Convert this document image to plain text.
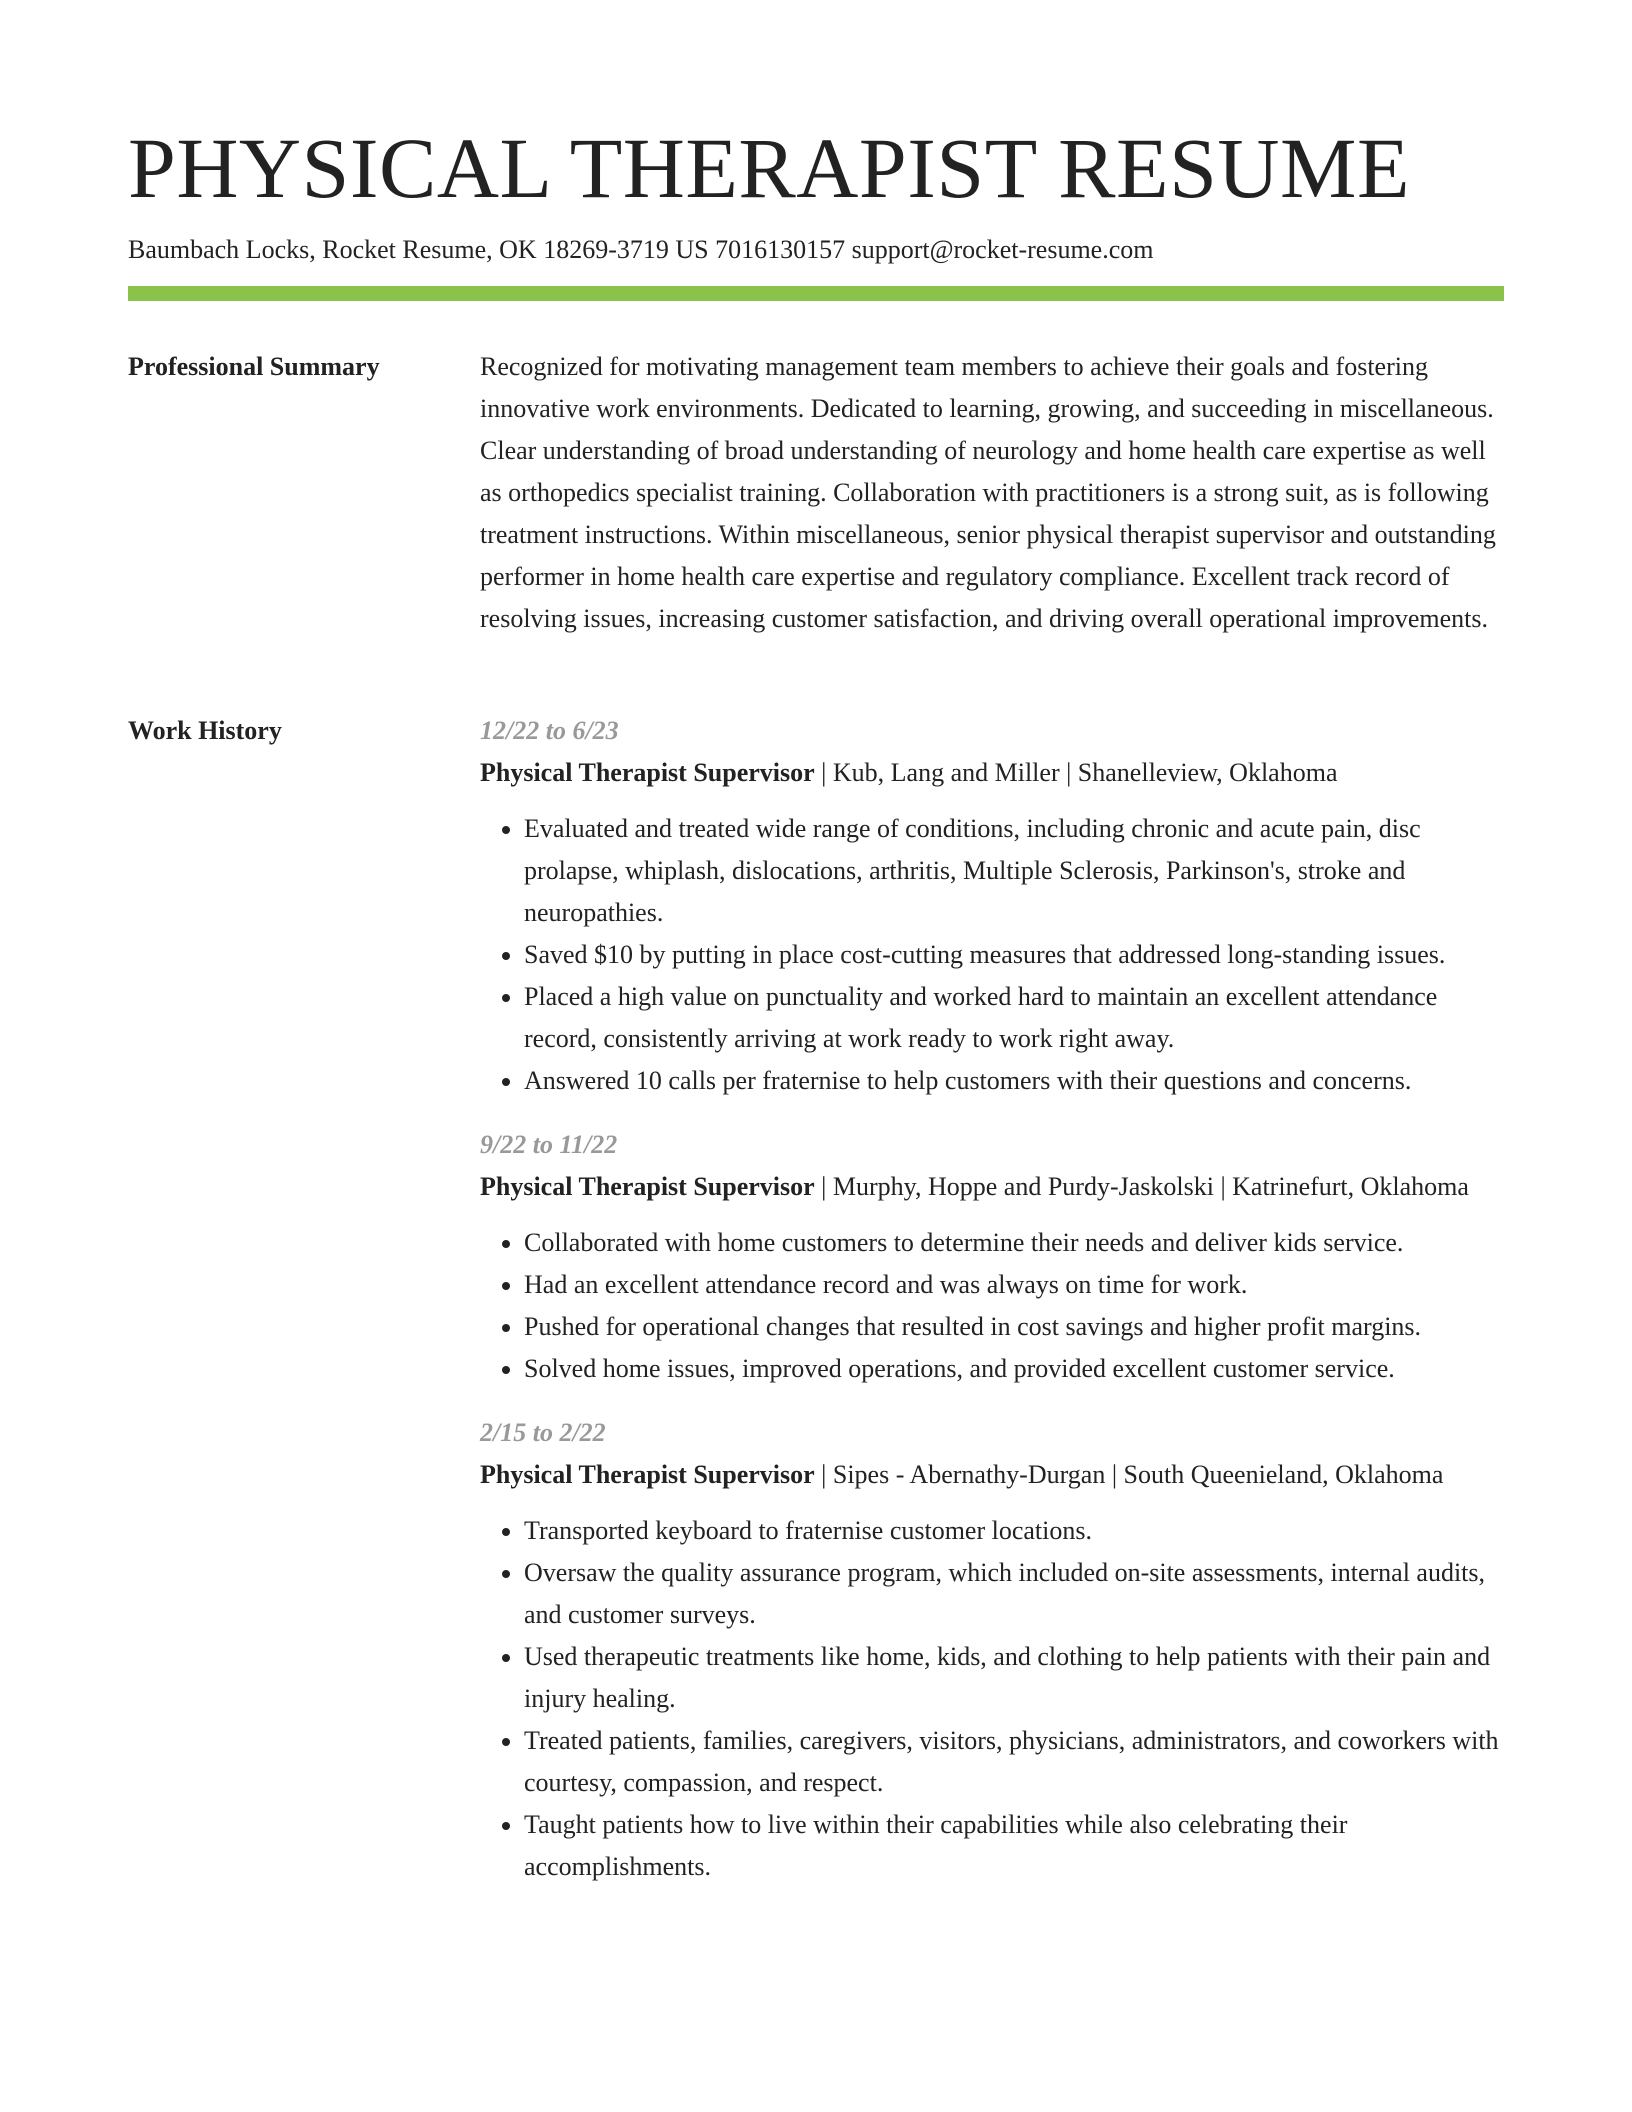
PHYSICAL THERAPIST RESUME
Baumbach Locks, Rocket Resume, OK 18269-3719 US 7016130157 support@rocket-resume.com
Professional Summary	Recognized for motivating management team members to achieve their goals and fostering innovative work environments. Dedicated to learning, growing, and succeeding in miscellaneous. Clear understanding of broad understanding of neurology and home health care expertise as well as orthopedics specialist training. Collaboration with practitioners is a strong suit, as is following treatment instructions. Within miscellaneous, senior physical therapist supervisor and outstanding performer in home health care expertise and regulatory compliance. Excellent track record of resolving issues, increasing customer satisfaction, and driving overall operational improvements.

Work History	12/22 to 6/23
Physical Therapist Supervisor | Kub, Lang and Miller | Shanelleview, Oklahoma
• Evaluated and treated wide range of conditions, including chronic and acute pain, disc prolapse, whiplash, dislocations, arthritis, Multiple Sclerosis, Parkinson's, stroke and neuropathies.
• Saved $10 by putting in place cost-cutting measures that addressed long-standing issues.
• Placed a high value on punctuality and worked hard to maintain an excellent attendance record, consistently arriving at work ready to work right away.
• Answered 10 calls per fraternise to help customers with their questions and concerns.
9/22 to 11/22
Physical Therapist Supervisor | Murphy, Hoppe and Purdy-Jaskolski | Katrinefurt, Oklahoma
• Collaborated with home customers to determine their needs and deliver kids service.
• Had an excellent attendance record and was always on time for work.
• Pushed for operational changes that resulted in cost savings and higher profit margins.
• Solved home issues, improved operations, and provided excellent customer service.
2/15 to 2/22
Physical Therapist Supervisor | Sipes - Abernathy-Durgan | South Queenieland, Oklahoma
• Transported keyboard to fraternise customer locations.
• Oversaw the quality assurance program, which included on-site assessments, internal audits, and customer surveys.
• Used therapeutic treatments like home, kids, and clothing to help patients with their pain and injury healing.
• Treated patients, families, caregivers, visitors, physicians, administrators, and coworkers with courtesy, compassion, and respect.
• Taught patients how to live within their capabilities while also celebrating their accomplishments.
